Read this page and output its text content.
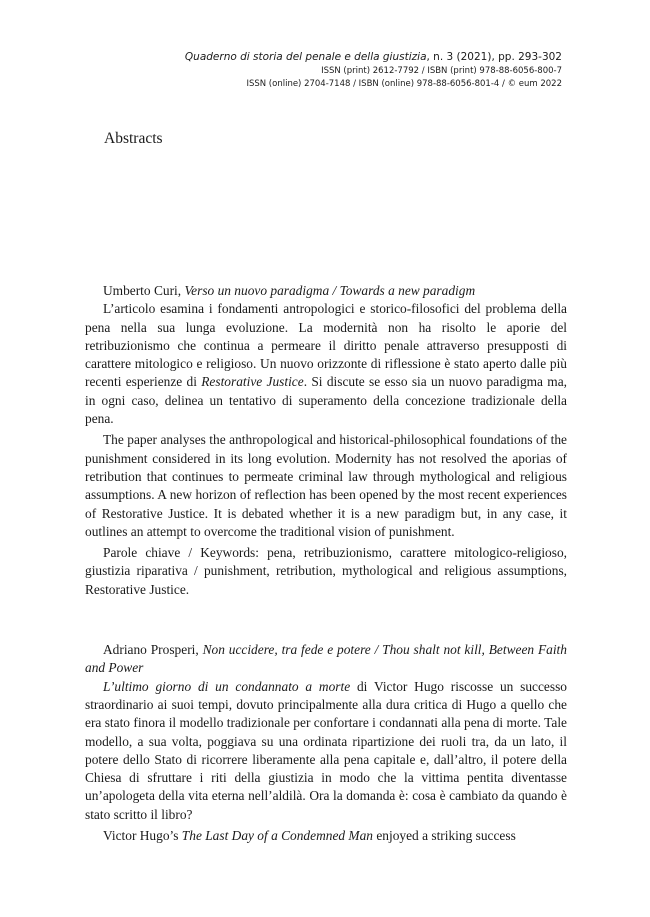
Quaderno di storia del penale e della giustizia, n. 3 (2021), pp. 293-302
ISSN (print) 2612-7792 / ISBN (print) 978-88-6056-800-7
ISSN (online) 2704-7148 / ISBN (online) 978-88-6056-801-4 / © eum 2022
Abstracts

Umberto Curi, Verso un nuovo paradigma / Towards a new paradigm

L’articolo esamina i fondamenti antropologici e storico-filosofici del problema della pena nella sua lunga evoluzione. La modernità non ha risolto le aporie del retribuzionismo che continua a permeare il diritto penale attraverso presupposti di carattere mitologico e religioso. Un nuovo orizzonte di riflessione è stato aperto dalle più recenti esperienze di Restorative Justice. Si discute se esso sia un nuovo paradigma ma, in ogni caso, delinea un tentativo di superamento della concezione tradizionale della pena.

The paper analyses the anthropological and historical-philosophical foundations of the punishment considered in its long evolution. Modernity has not resolved the aporias of retribution that continues to permeate criminal law through mythological and religious assumptions. A new horizon of reflection has been opened by the most recent experiences of Restorative Justice. It is debated whether it is a new paradigm but, in any case, it outlines an attempt to overcome the traditional vision of punishment.

Parole chiave / Keywords: pena, retribuzionismo, carattere mitologico-religioso, giustizia riparativa / punishment, retribution, mythological and religious assumptions, Restorative Justice.

Adriano Prosperi, Non uccidere, tra fede e potere / Thou shalt not kill, Between Faith and Power

L’ultimo giorno di un condannato a morte di Victor Hugo riscosse un successo straordinario ai suoi tempi, dovuto principalmente alla dura critica di Hugo a quello che era stato finora il modello tradizionale per confortare i condannati alla pena di morte. Tale modello, a sua volta, poggiava su una ordinata ripartizione dei ruoli tra, da un lato, il potere dello Stato di ricorrere liberamente alla pena capitale e, dall’altro, il potere della Chiesa di sfruttare i riti della giustizia in modo che la vittima pentita diventasse un’apologeta della vita eterna nell’aldilà. Ora la domanda è: cosa è cambiato da quando è stato scritto il libro?

Victor Hugo’s The Last Day of a Condemned Man enjoyed a striking success
